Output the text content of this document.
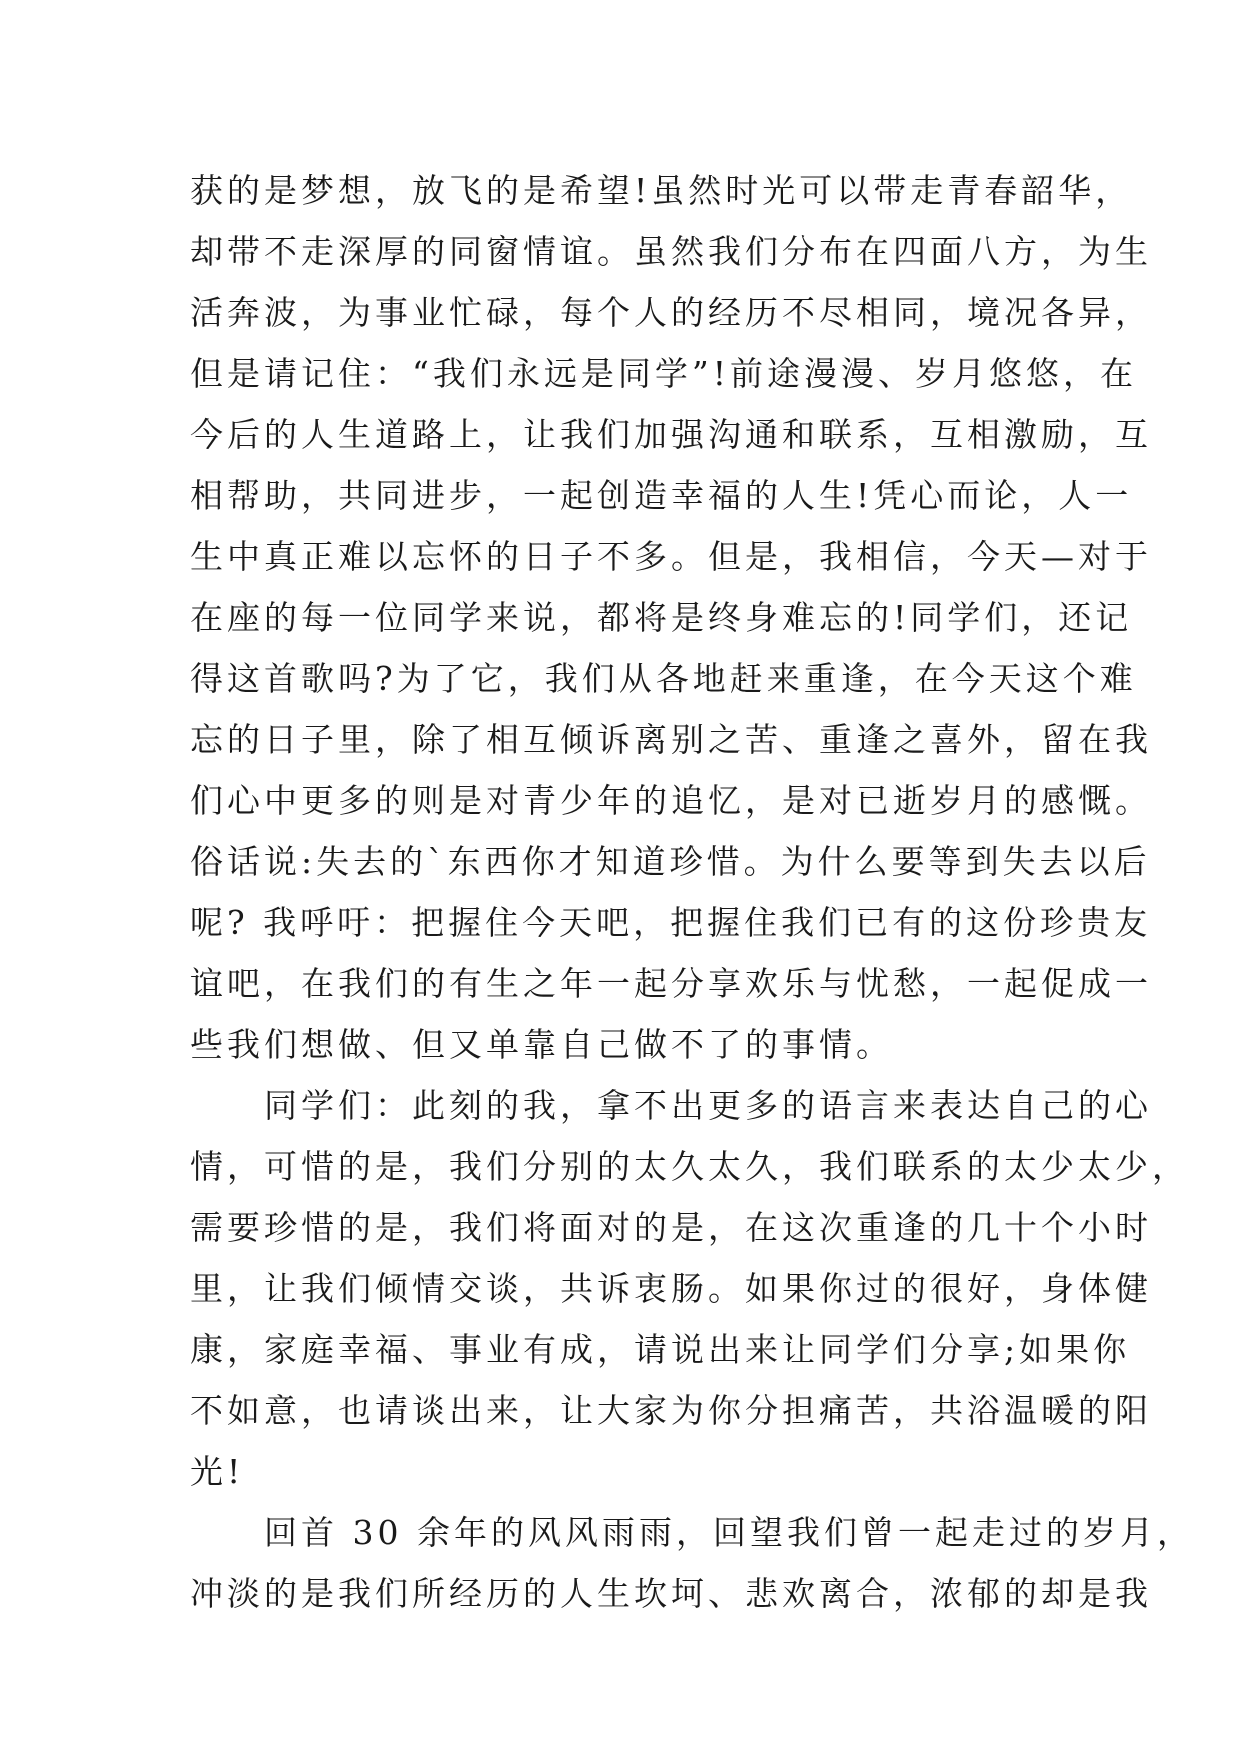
获的是梦想，放飞的是希望!虽然时光可以带走青春韶华，
却带不走深厚的同窗情谊。虽然我们分布在四面八方，为生
活奔波，为事业忙碌，每个人的经历不尽相同，境况各异，
但是请记住：“我们永远是同学”!前途漫漫、岁月悠悠，在
今后的人生道路上，让我们加强沟通和联系，互相激励，互
相帮助，共同进步，一起创造幸福的人生!凭心而论，人一
生中真正难以忘怀的日子不多。但是，我相信，今天—对于
在座的每一位同学来说，都将是终身难忘的!同学们，还记
得这首歌吗?为了它，我们从各地赶来重逢，在今天这个难
忘的日子里，除了相互倾诉离别之苦、重逢之喜外，留在我
们心中更多的则是对青少年的追忆，是对已逝岁月的感慨。
俗话说:失去的`东西你才知道珍惜。为什么要等到失去以后
呢? 我呼吁：把握住今天吧，把握住我们已有的这份珍贵友
谊吧，在我们的有生之年一起分享欢乐与忧愁，一起促成一
些我们想做、但又单靠自己做不了的事情。
同学们：此刻的我，拿不出更多的语言来表达自己的心
情，可惜的是，我们分别的太久太久，我们联系的太少太少，
需要珍惜的是，我们将面对的是，在这次重逢的几十个小时
里，让我们倾情交谈，共诉衷肠。如果你过的很好，身体健
康，家庭幸福、事业有成，请说出来让同学们分享;如果你
不如意，也请谈出来，让大家为你分担痛苦，共浴温暖的阳
光!
回首 30 余年的风风雨雨，回望我们曾一起走过的岁月，
冲淡的是我们所经历的人生坎坷、悲欢离合，浓郁的却是我
